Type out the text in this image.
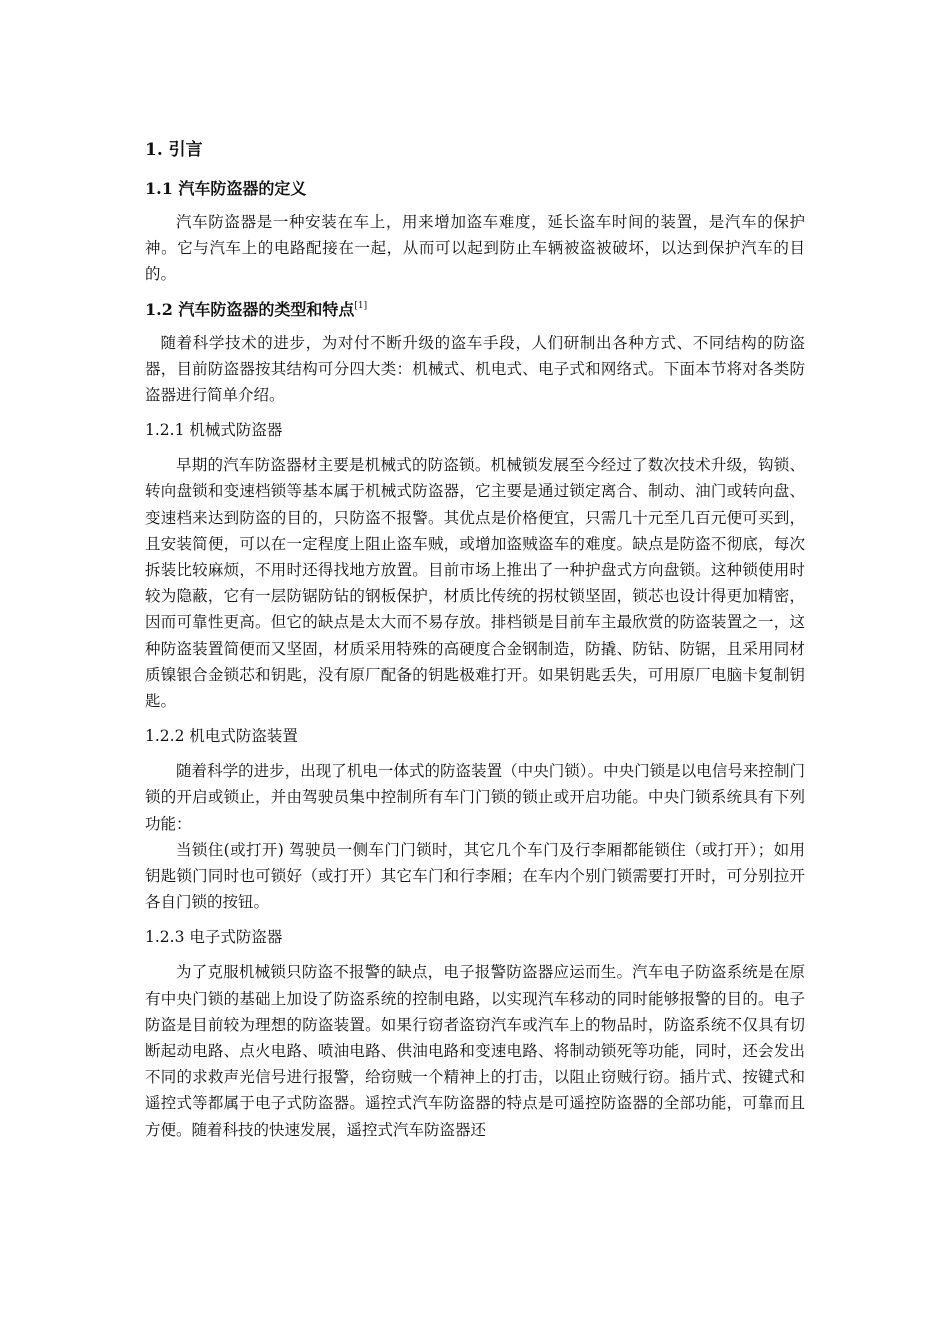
1. 引言
1.1 汽车防盗器的定义

汽车防盗器是一种安装在车上，用来增加盗车难度，延长盗车时间的装置，是汽车的保护神。它与汽车上的电路配接在一起，从而可以起到防止车辆被盗被破坏，以达到保护汽车的目的。

1.2 汽车防盗器的类型和特点[1]

随着科学技术的进步，为对付不断升级的盗车手段，人们研制出各种方式、不同结构的防盗器，目前防盗器按其结构可分四大类：机械式、机电式、电子式和网络式。下面本节将对各类防盗器进行简单介绍。

1.2.1 机械式防盗器

早期的汽车防盗器材主要是机械式的防盗锁。机械锁发展至今经过了数次技术升级，钩锁、转向盘锁和变速档锁等基本属于机械式防盗器，它主要是通过锁定离合、制动、油门或转向盘、变速档来达到防盗的目的，只防盗不报警。其优点是价格便宜，只需几十元至几百元便可买到，且安装简便，可以在一定程度上阻止盗车贼，或增加盗贼盗车的难度。缺点是防盗不彻底，每次拆装比较麻烦，不用时还得找地方放置。目前市场上推出了一种护盘式方向盘锁。这种锁使用时较为隐蔽，它有一层防锯防钻的钢板保护，材质比传统的拐杖锁坚固，锁芯也设计得更加精密，因而可靠性更高。但它的缺点是太大而不易存放。排档锁是目前车主最欣赏的防盗装置之一，这种防盗装置简便而又坚固，材质采用特殊的高硬度合金钢制造，防撬、防钻、防锯，且采用同材质镍银合金锁芯和钥匙，没有原厂配备的钥匙极难打开。如果钥匙丢失，可用原厂电脑卡复制钥匙。

1.2.2 机电式防盗装置

随着科学的进步，出现了机电一体式的防盗装置（中央门锁）。中央门锁是以电信号来控制门锁的开启或锁止，并由驾驶员集中控制所有车门门锁的锁止或开启功能。中央门锁系统具有下列功能：

当锁住(或打开) 驾驶员一侧车门门锁时，其它几个车门及行李厢都能锁住（或打开）；如用钥匙锁门同时也可锁好（或打开）其它车门和行李厢；在车内个别门锁需要打开时，可分别拉开各自门锁的按钮。

1.2.3 电子式防盗器

为了克服机械锁只防盗不报警的缺点，电子报警防盗器应运而生。汽车电子防盗系统是在原有中央门锁的基础上加设了防盗系统的控制电路，以实现汽车移动的同时能够报警的目的。电子防盗是目前较为理想的防盗装置。如果行窃者盗窃汽车或汽车上的物品时，防盗系统不仅具有切断起动电路、点火电路、喷油电路、供油电路和变速电路、将制动锁死等功能，同时，还会发出不同的求救声光信号进行报警，给窃贼一个精神上的打击，以阻止窃贼行窃。插片式、按键式和遥控式等都属于电子式防盗器。遥控式汽车防盗器的特点是可遥控防盗器的全部功能，可靠而且方便。随着科技的快速发展，遥控式汽车防盗器还
